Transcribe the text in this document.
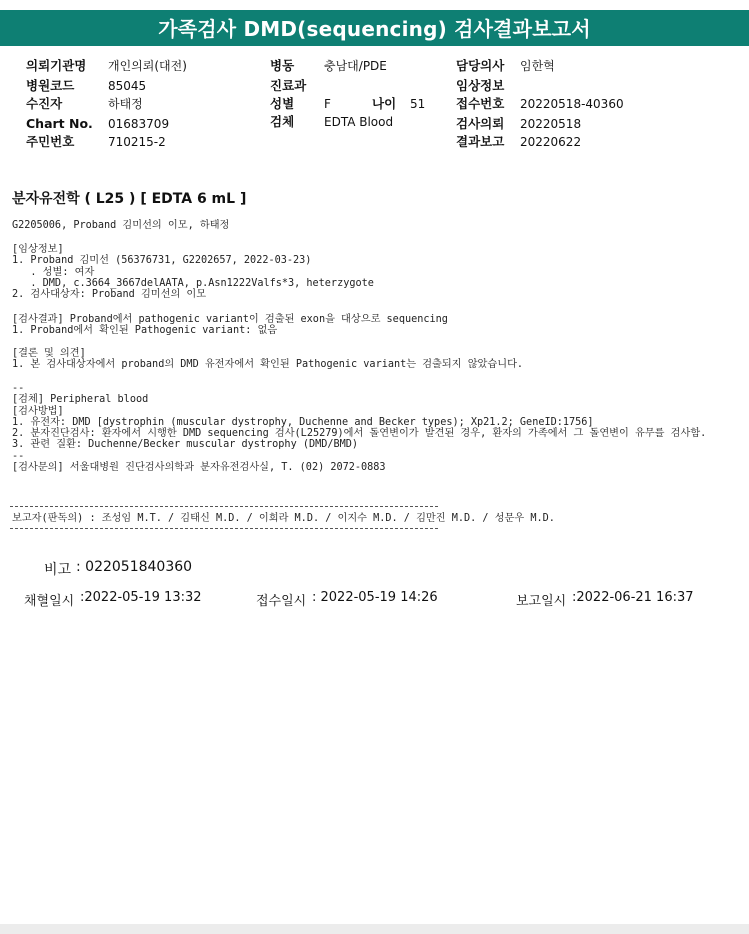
가족검사 DMD(sequencing) 검사결과보고서
의뢰기관명 개인의뢰(대전)
병원코드	85045
수진자	하태정
Chart No. 01683709
주민번호	710215-2
병동 충남대/PDE
진료과
성별 F	나이 51
검체 EDTA Blood
담당의사 임한혁
임상정보
접수번호 20220518-40360
검사의뢰 20220518
결과보고 20220622
분자유전학 ( L25 ) [ EDTA 6 mL ]
G2205006, Proband 김미선의 이모, 하태정
[임상정보]
1. Proband 김미선 (56376731, G2202657, 2022-03-23)
. 성별: 여자
. DMD, c.3664_3667delAATA, p.Asn1222Valfs*3, heterzygote
2. 검사대상자: Proband 김미선의 이모
[검사결과] Proband에서 pathogenic variant이 검출된 exon을 대상으로 sequencing
1. Proband에서 확인된 Pathogenic variant: 없음
[결론 및 의견]
1. 본 검사대상자에서 proband의 DMD 유전자에서 확인된 Pathogenic variant는 검출되지 않았습니다.
--
[검체] Peripheral blood
[검사방법]
1. 유전자: DMD [dystrophin (muscular dystrophy, Duchenne and Becker types); Xp21.2; GeneID:1756]
2. 분자진단검사: 환자에서 시행한 DMD sequencing 검사(L25279)에서 돌연변이가 발견된 경우, 환자의 가족에서 그 돌연변이 유무를 검사함.
3. 관련 질환: Duchenne/Becker muscular dystrophy (DMD/BMD)
--
[검사문의] 서울대병원 진단검사의학과 분자유전검사실, T. (02) 2072-0883
보고자(판독의) : 조성임 M.T. / 김태신 M.D. / 이희라 M.D. / 이지수 M.D. / 김만진 M.D. / 성문우 M.D.
비고 : 022051840360
채혈일시 :2022-05-19 13:32	접수일시 : 2022-05-19 14:26	보고일시 :2022-06-21 16:37
